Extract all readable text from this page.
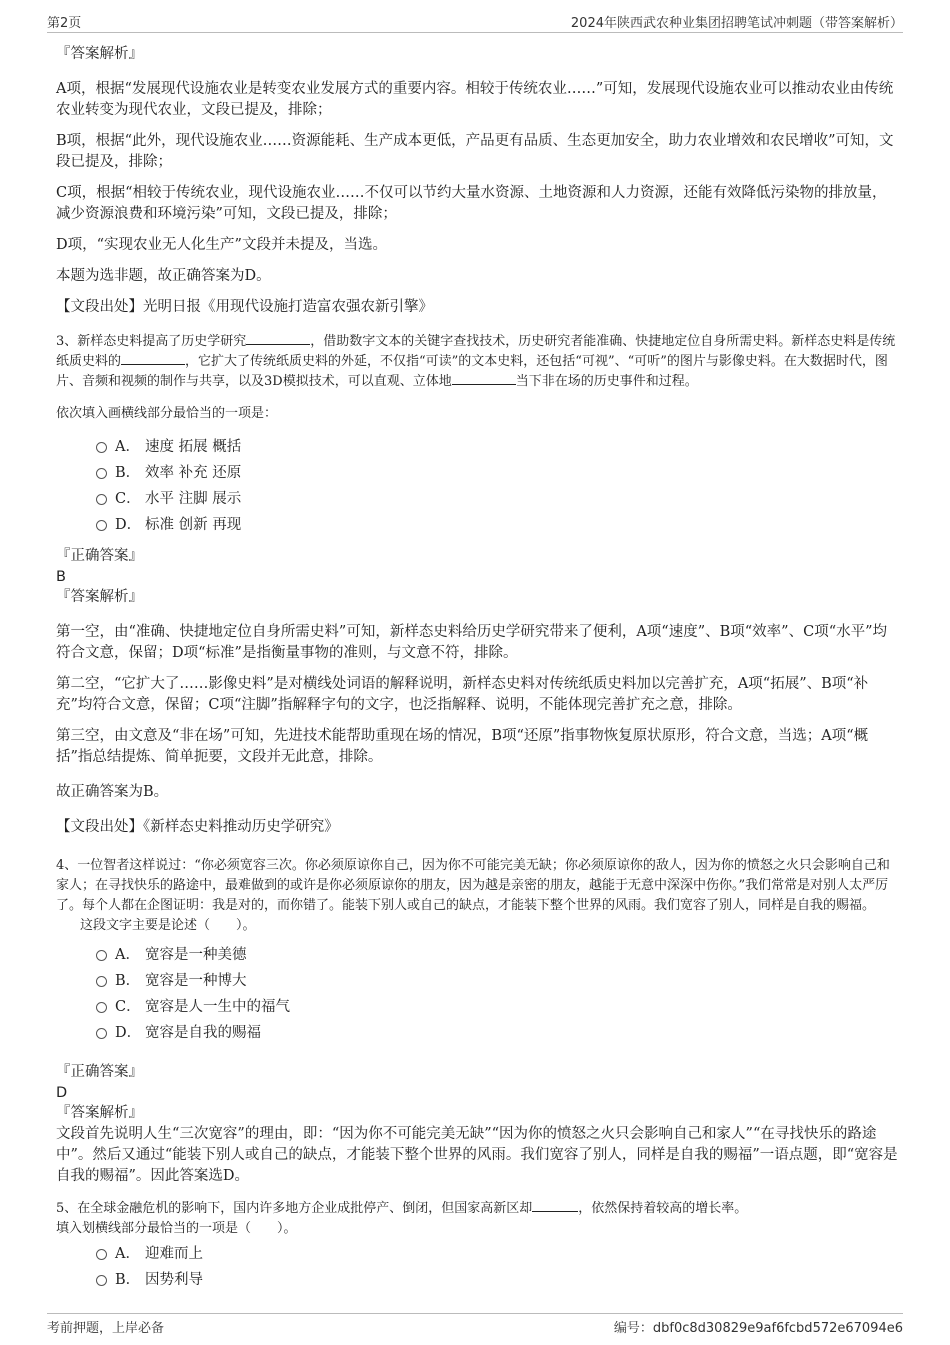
第2页	2024年陕西武农种业集团招聘笔试冲刺题（带答案解析）

『答案解析』

A项，根据“发展现代设施农业是转变农业发展方式的重要内容。相较于传统农业……”可知，发展现代设施农业可以推动农业由传统农业转变为现代农业，文段已提及，排除；

B项，根据“此外，现代设施农业……资源能耗、生产成本更低，产品更有品质、生态更加安全，助力农业增效和农民增收”可知，文段已提及，排除；

C项，根据“相较于传统农业，现代设施农业……不仅可以节约大量水资源、土地资源和人力资源，还能有效降低污染物的排放量，减少资源浪费和环境污染”可知，文段已提及，排除；

D项，“实现农业无人化生产”文段并未提及，当选。

本题为选非题，故正确答案为D。

【文段出处】光明日报《用现代设施打造富农强农新引擎》

3、新样态史料提高了历史学研究	，借助数字文本的关键字查找技术，历史研究者能准确、快捷地定位自身所需史料。新样态史料是传统纸质史料的	，它扩大了传统纸质史料的外延，不仅指“可读”的文本史料，还包括“可视”、“可听”的图片与影像史料。在大数据时代，图片、音频和视频的制作与共享，以及3D模拟技术，可以直观、立体地	当下非在场的历史事件和过程。

依次填入画横线部分最恰当的一项是：

A． 速度 拓展 概括
B． 效率 补充 还原
C． 水平 注脚 展示
D． 标准 创新 再现

『正确答案』

B

『答案解析』

第一空，由“准确、快捷地定位自身所需史料”可知，新样态史料给历史学研究带来了便利，A项“速度”、B项“效率”、C项“水平”均符合文意，保留；D项“标准”是指衡量事物的准则，与文意不符，排除。

第二空，“它扩大了……影像史料”是对横线处词语的解释说明，新样态史料对传统纸质史料加以完善扩充，A项“拓展”、B项“补充”均符合文意，保留；C项“注脚”指解释字句的文字，也泛指解释、说明，不能体现完善扩充之意，排除。

第三空，由文意及“非在场”可知，先进技术能帮助重现在场的情况，B项“还原”指事物恢复原状原形，符合文意，当选；A项“概括”指总结提炼、简单扼要，文段并无此意，排除。

故正确答案为B。

【文段出处】《新样态史料推动历史学研究》

4、一位智者这样说过：“你必须宽容三次。你必须原谅你自己，因为你不可能完美无缺；你必须原谅你的敌人，因为你的愤怒之火只会影响自己和家人；在寻找快乐的路途中，最难做到的或许是你必须原谅你的朋友，因为越是亲密的朋友，越能于无意中深深中伤你。”我们常常是对别人太严厉了。每个人都在企图证明：我是对的，而你错了。能装下别人或自己的缺点，才能装下整个世界的风雨。我们宽容了别人，同样是自我的赐福。

这段文字主要是论述（　　）。

A． 宽容是一种美德
B． 宽容是一种博大
C． 宽容是人一生中的福气
D． 宽容是自我的赐福

『正确答案』

D

『答案解析』

文段首先说明人生“三次宽容”的理由，即：“因为你不可能完美无缺”“因为你的愤怒之火只会影响自己和家人”“在寻找快乐的路途中”。然后又通过“能装下别人或自己的缺点，才能装下整个世界的风雨。我们宽容了别人，同样是自我的赐福”一语点题，即“宽容是自我的赐福”。因此答案选D。

5、在全球金融危机的影响下，国内许多地方企业成批停产、倒闭，但国家高新区却	，依然保持着较高的增长率。

填入划横线部分最恰当的一项是（　　）。

A． 迎难而上
B． 因势利导
考前押题，上岸必备	编号：dbf0c8d30829e9af6fcbd572e67094e6
